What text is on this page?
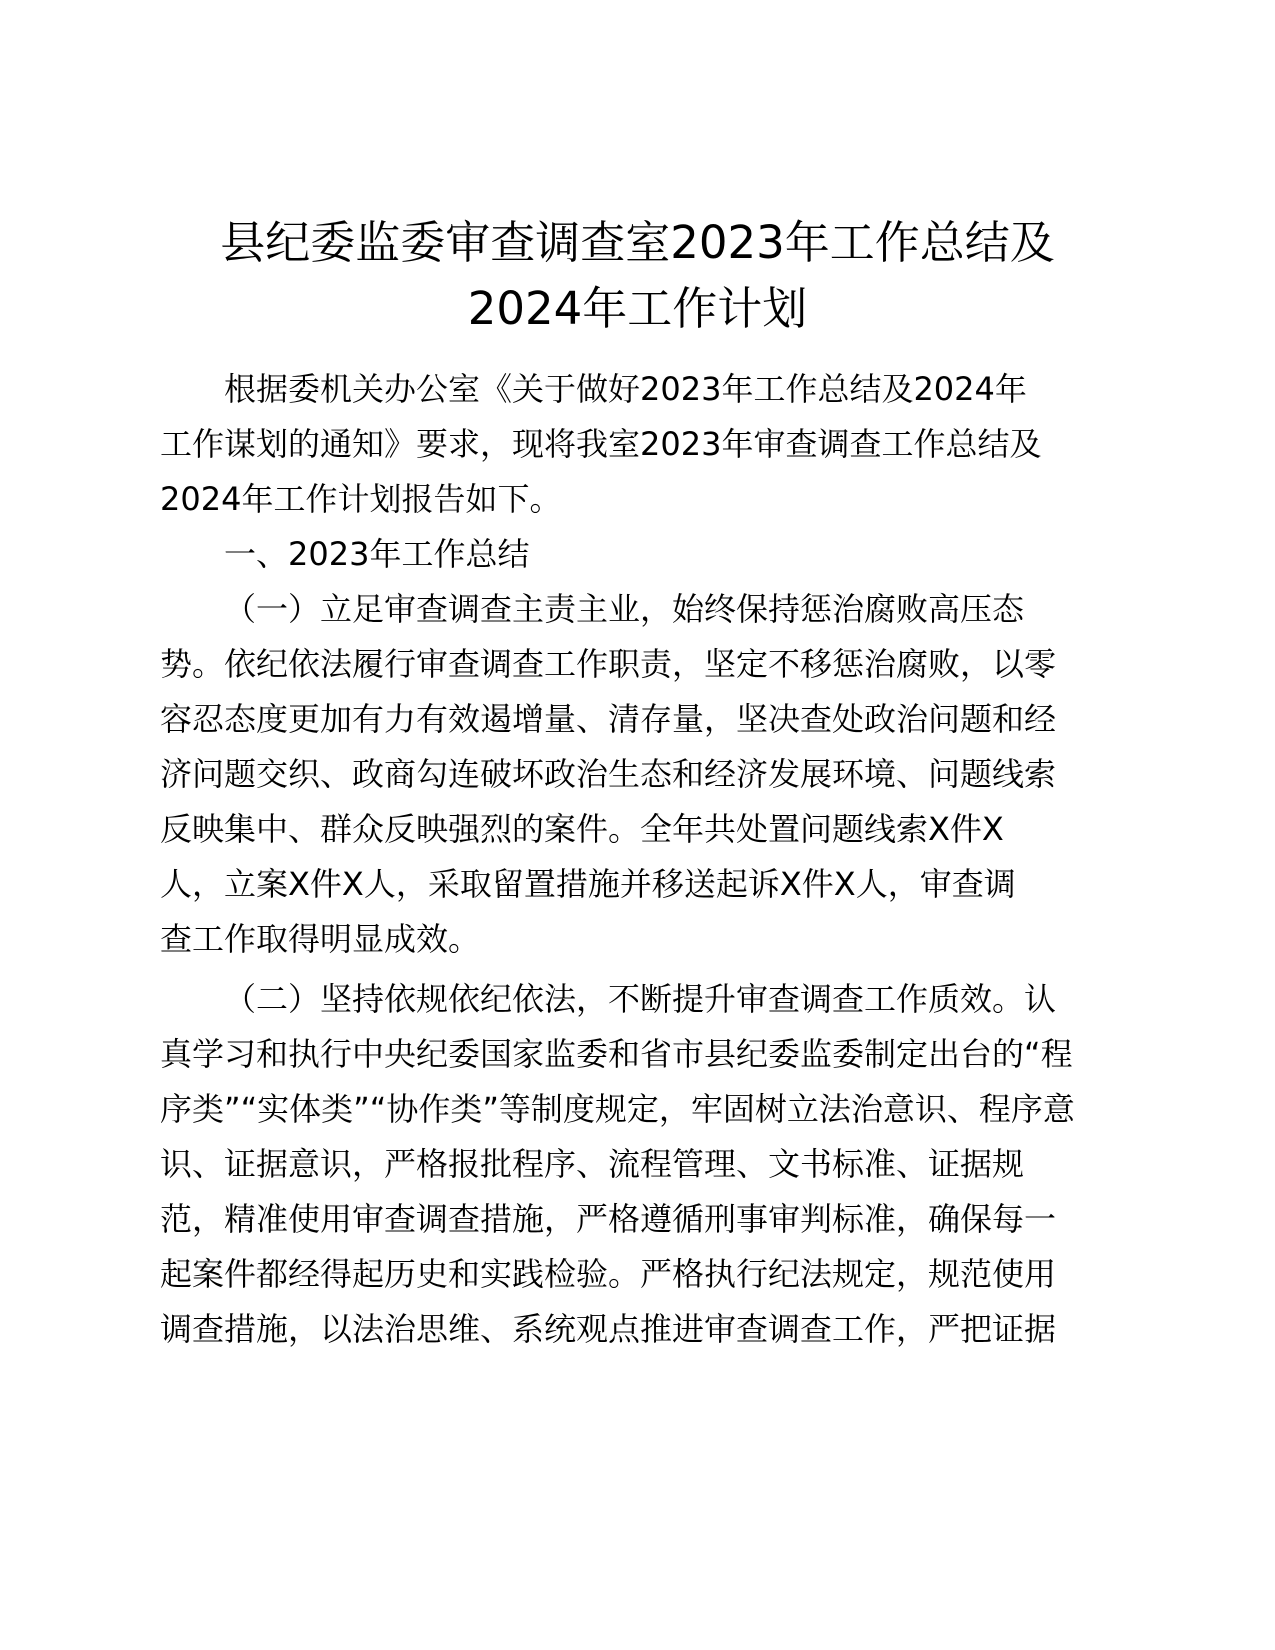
县纪委监委审查调查室2023年工作总结及
2024年工作计划

根据委机关办公室《关于做好2023年工作总结及2024年

工作谋划的通知》要求，现将我室2023年审查调查工作总结及

2024年工作计划报告如下。

一、2023年工作总结

（一）立足审查调查主责主业，始终保持惩治腐败高压态

势。依纪依法履行审查调查工作职责，坚定不移惩治腐败，以零

容忍态度更加有力有效遏增量、清存量，坚决查处政治问题和经

济问题交织、政商勾连破坏政治生态和经济发展环境、问题线索

反映集中、群众反映强烈的案件。全年共处置问题线索X件X

人，立案X件X人，采取留置措施并移送起诉X件X人，审查调

查工作取得明显成效。

（二）坚持依规依纪依法，不断提升审查调查工作质效。认

真学习和执行中央纪委国家监委和省市县纪委监委制定出台的“程

序类”“实体类”“协作类”等制度规定，牢固树立法治意识、程序意

识、证据意识，严格报批程序、流程管理、文书标准、证据规

范，精准使用审查调查措施，严格遵循刑事审判标准，确保每一

起案件都经得起历史和实践检验。严格执行纪法规定，规范使用

调查措施，以法治思维、系统观点推进审查调查工作，严把证据
